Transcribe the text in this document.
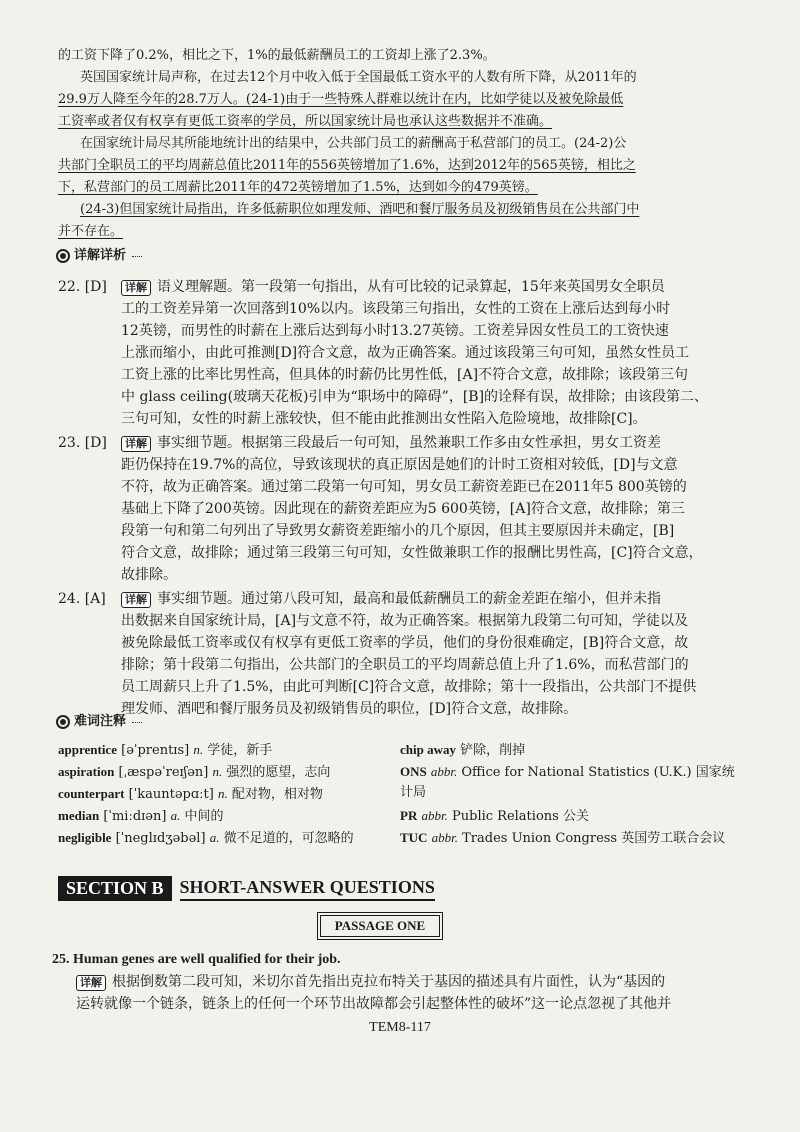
的工资下降了0.2%，相比之下，1%的最低薪酬员工的工资却上涨了2.3%。
英国国家统计局声称，在过去12个月中收入低于全国最低工资水平的人数有所下降，从2011年的
29.9万人降至今年的28.7万人。(24-1)由于一些特殊人群难以统计在内，比如学徒以及被免除最低
工资率或者仅有权享有更低工资率的学员，所以国家统计局也承认这些数据并不准确。
在国家统计局尽其所能地统计出的结果中，公共部门员工的薪酬高于私营部门的员工。(24-2)公
共部门全职员工的平均周薪总值比2011年的556英镑增加了1.6%，达到2012年的565英镑，相比之
下，私营部门的员工周薪比2011年的472英镑增加了1.5%，达到如今的479英镑。
(24-3)但国家统计局指出，许多低薪职位如理发师、酒吧和餐厅服务员及初级销售员在公共部门中
并不存在。
详解详析
22. [D]	详解 语义理解题。第一段第一句指出，从有可比较的记录算起，15年来英国男女全职员
工的工资差异第一次回落到10%以内。该段第三句指出，女性的工资在上涨后达到每小时
12英镑，而男性的时薪在上涨后达到每小时13.27英镑。工资差异因女性员工的工资快速
上涨而缩小，由此可推测[D]符合文意，故为正确答案。通过该段第三句可知，虽然女性员工
工资上涨的比率比男性高，但具体的时薪仍比男性低，[A]不符合文意，故排除；该段第三句
中 glass ceiling(玻璃天花板)引申为“职场中的障碍”，[B]的诠释有误，故排除；由该段第二、
三句可知，女性的时薪上涨较快，但不能由此推测出女性陷入危险境地，故排除[C]。
23. [D]	详解 事实细节题。根据第三段最后一句可知，虽然兼职工作多由女性承担，男女工资差
距仍保持在19.7%的高位，导致该现状的真正原因是她们的计时工资相对较低，[D]与文意
不符，故为正确答案。通过第二段第一句可知，男女员工薪资差距已在2011年5 800英镑的
基础上下降了200英镑。因此现在的薪资差距应为5 600英镑，[A]符合文意，故排除；第三
段第一句和第二句列出了导致男女薪资差距缩小的几个原因，但其主要原因并未确定，[B]
符合文意，故排除；通过第三段第三句可知，女性做兼职工作的报酬比男性高，[C]符合文意，
故排除。
24. [A]	详解 事实细节题。通过第八段可知，最高和最低薪酬员工的薪金差距在缩小，但并未指
出数据来自国家统计局，[A]与文意不符，故为正确答案。根据第九段第二句可知，学徒以及
被免除最低工资率或仅有权享有更低工资率的学员，他们的身份很难确定，[B]符合文意，故
排除；第十段第二句指出，公共部门的全职员工的平均周薪总值上升了1.6%，而私营部门的
员工周薪只上升了1.5%，由此可判断[C]符合文意，故排除；第十一段指出，公共部门不提供
理发师、酒吧和餐厅服务员及初级销售员的职位，[D]符合文意，故排除。
难词注释
apprentice [əˈprentɪs] n. 学徒，新手
aspiration [ˌæspəˈreɪʃən] n. 强烈的愿望，志向
counterpart [ˈkauntəpɑːt] n. 配对物，相对物
median [ˈmiːdɪən] a. 中间的
negligible [ˈneglɪdʒəbəl] a. 微不足道的，可忽略的
chip away 铲除，削掉
ONS abbr. Office for National Statistics (U.K.) 国家统计局
PR abbr. Public Relations 公关
TUC abbr. Trades Union Congress 英国劳工联合会议
SECTION B SHORT-ANSWER QUESTIONS
PASSAGE ONE
25. Human genes are well qualified for their job.
详解 根据倒数第二段可知，米切尔首先指出克拉布特关于基因的描述具有片面性，认为“基因的
运转就像一个链条，链条上的任何一个环节出故障都会引起整体性的破坏”这一论点忽视了其他并
TEM8-117
